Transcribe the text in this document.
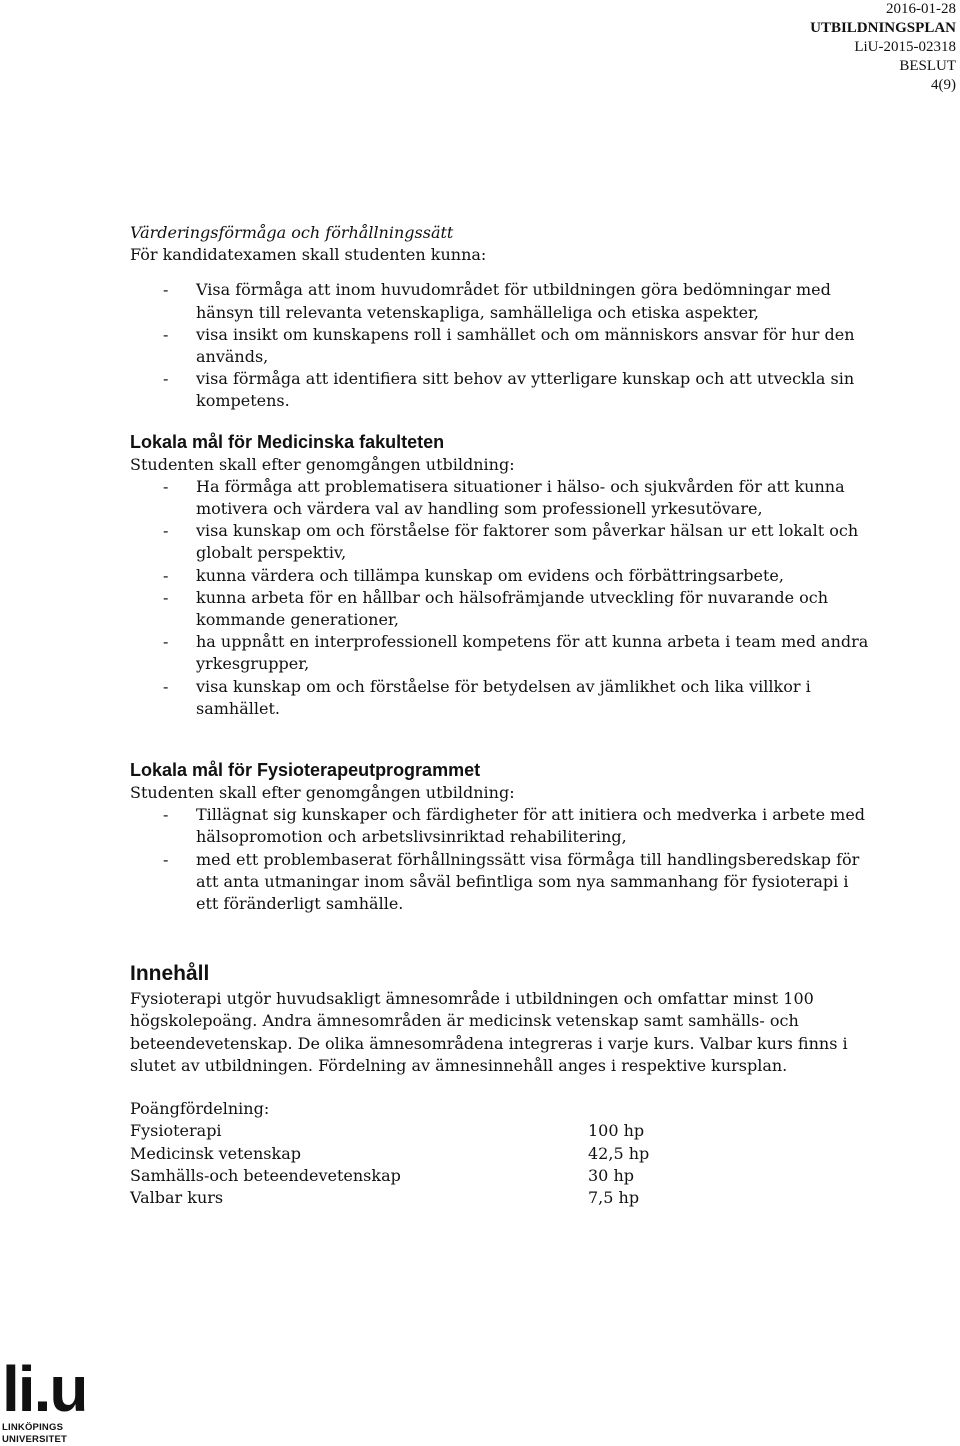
2016-01-28
UTBILDNINGSPLAN
LiU-2015-02318
BESLUT
4(9)

Värderingsförmåga och förhållningssätt

För kandidatexamen skall studenten kunna:

- Visa förmåga att inom huvudområdet för utbildningen göra bedömningar med hänsyn till relevanta vetenskapliga, samhälleliga och etiska aspekter,
- visa insikt om kunskapens roll i samhället och om människors ansvar för hur den används,
- visa förmåga att identifiera sitt behov av ytterligare kunskap och att utveckla sin kompetens.
Lokala mål för Medicinska fakulteten

Studenten skall efter genomgången utbildning:

- Ha förmåga att problematisera situationer i hälso- och sjukvården för att kunna motivera och värdera val av handling som professionell yrkesutövare,
- visa kunskap om och förståelse för faktorer som påverkar hälsan ur ett lokalt och globalt perspektiv,
- kunna värdera och tillämpa kunskap om evidens och förbättringsarbete,
- kunna arbeta för en hållbar och hälsofrämjande utveckling för nuvarande och kommande generationer,
- ha uppnått en interprofessionell kompetens för att kunna arbeta i team med andra yrkesgrupper,
- visa kunskap om och förståelse för betydelsen av jämlikhet och lika villkor i samhället.
Lokala mål för Fysioterapeutprogrammet

Studenten skall efter genomgången utbildning:

- Tillägnat sig kunskaper och färdigheter för att initiera och medverka i arbete med hälsopromotion och arbetslivsinriktad rehabilitering,
- med ett problembaserat förhållningssätt visa förmåga till handlingsberedskap för att anta utmaningar inom såväl befintliga som nya sammanhang för fysioterapi i ett föränderligt samhälle.
Innehåll

Fysioterapi utgör huvudsakligt ämnesområde i utbildningen och omfattar minst 100 högskolepoäng. Andra ämnesområden är medicinsk vetenskap samt samhälls- och beteendevetenskap. De olika ämnesområdena integreras i varje kurs. Valbar kurs finns i slutet av utbildningen. Fördelning av ämnesinnehåll anges i respektive kursplan.

Poängfördelning:

Fysioterapi	100 hp
Medicinsk vetenskap	42,5 hp
Samhälls-och beteendevetenskap	30 hp
Valbar kurs	7,5 hp
li.u
LINKÖPINGS UNIVERSITET
